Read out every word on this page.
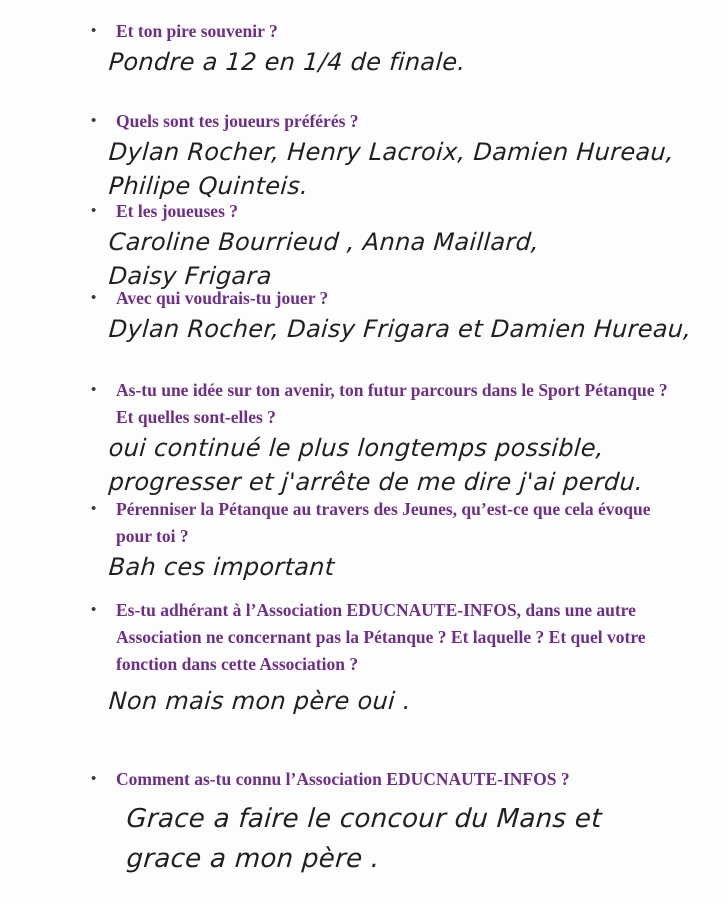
• Et ton pire souvenir ?
Pondre a 12 en 1/4 de finale.
• Quels sont tes joueurs préférés ?
Dylan Rocher, Henry Lacroix, Damien Hureau,
Philipe Quinteis.
• Et les joueuses ?
Caroline Bourrieud , Anna Maillard,
Daisy Frigara
• Avec qui voudrais-tu jouer ?
Dylan Rocher, Daisy Frigara et Damien Hureau,
• As-tu une idée sur ton avenir, ton futur parcours dans le Sport Pétanque ? Et quelles sont-elles ?
oui continué le plus longtemps possible,
progresser et j'arrête de me dire j'ai perdu.
• Pérenniser la Pétanque au travers des Jeunes, qu’est-ce que cela évoque pour toi ?
Bah ces important
• Es-tu adhérant à l’Association EDUCNAUTE-INFOS, dans une autre Association ne concernant pas la Pétanque ? Et laquelle ? Et quel votre fonction dans cette Association ?
Non mais mon père oui .
• Comment as-tu connu l’Association EDUCNAUTE-INFOS ?
Grace a faire le concour du Mans et
grace a mon père .
